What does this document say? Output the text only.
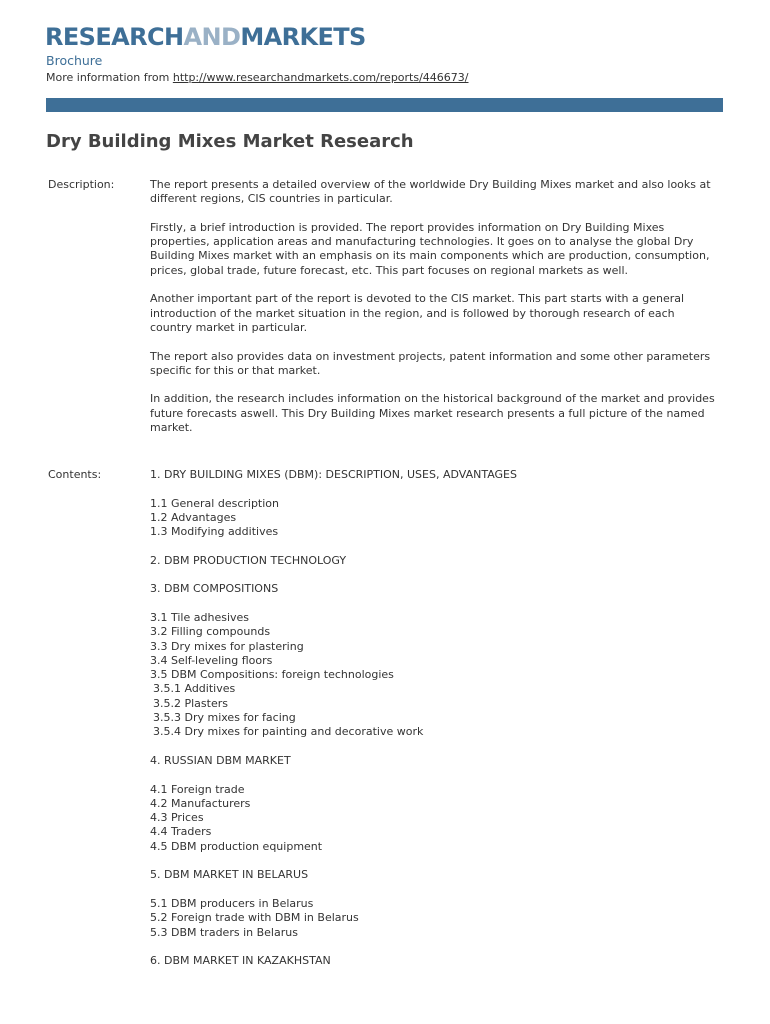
RESEARCHANDMARKETS
Brochure
More information from http://www.researchandmarkets.com/reports/446673/
Dry Building Mixes Market Research
Description:	The report presents a detailed overview of the worldwide Dry Building Mixes market and also looks at different regions, CIS countries in particular.

Firstly, a brief introduction is provided. The report provides information on Dry Building Mixes properties, application areas and manufacturing technologies. It goes on to analyse the global Dry Building Mixes market with an emphasis on its main components which are production, consumption, prices, global trade, future forecast, etc. This part focuses on regional markets as well.

Another important part of the report is devoted to the CIS market. This part starts with a general introduction of the market situation in the region, and is followed by thorough research of each country market in particular.

The report also provides data on investment projects, patent information and some other parameters specific for this or that market.

In addition, the research includes information on the historical background of the market and provides future forecasts aswell. This Dry Building Mixes market research presents a full picture of the named market.

Contents:	1. DRY BUILDING MIXES (DBM): DESCRIPTION, USES, ADVANTAGES
1.1 General description
1.2 Advantages
1.3 Modifying additives
2. DBM PRODUCTION TECHNOLOGY
3. DBM COMPOSITIONS
3.1 Tile adhesives
3.2 Filling compounds
3.3 Dry mixes for plastering
3.4 Self-leveling floors
3.5 DBM Compositions: foreign technologies
3.5.1 Additives
3.5.2 Plasters
3.5.3 Dry mixes for facing
3.5.4 Dry mixes for painting and decorative work
4. RUSSIAN DBM MARKET
4.1 Foreign trade
4.2 Manufacturers
4.3 Prices
4.4 Traders
4.5 DBM production equipment
5. DBM MARKET IN BELARUS
5.1 DBM producers in Belarus
5.2 Foreign trade with DBM in Belarus
5.3 DBM traders in Belarus
6. DBM MARKET IN KAZAKHSTAN
